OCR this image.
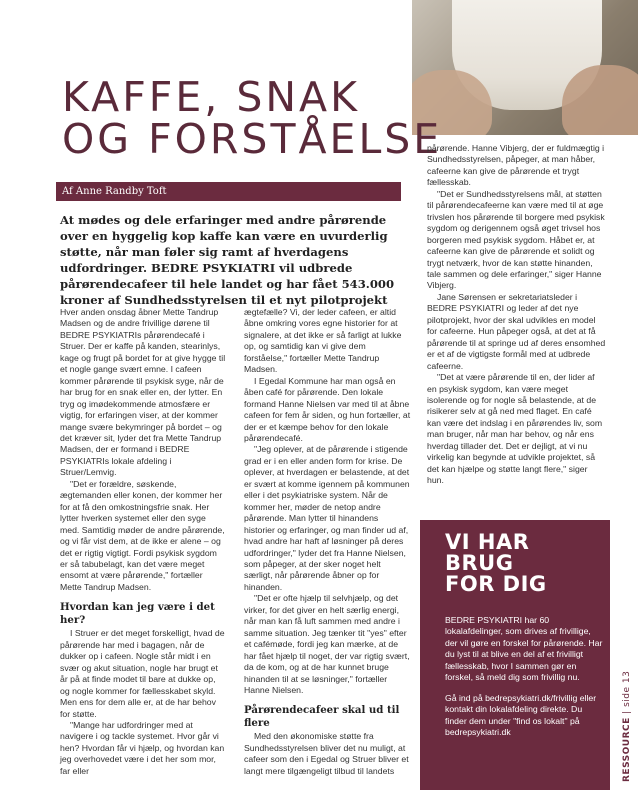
KAFFE, SNAK
OG FORSTÅELSE
Af Anne Randby Toft
At mødes og dele erfaringer med andre pårørende over en hyggelig kop kaffe kan være en uvurderlig støtte, når man føler sig ramt af hverdagens udfordringer. BEDRE PSYKIATRI vil udbrede pårørendecafeer til hele landet og har fået 543.000 kroner af Sundhedsstyrelsen til et nyt pilotprojekt

Hver anden onsdag åbner Mette Tandrup Madsen og de andre frivillige dørene til BEDRE PSYKIATRIs pårørendecafé i Struer. Der er kaffe på kanden, stearinlys, kage og frugt på bordet for at give hygge til et nogle gange svært emne. I cafeen kommer pårørende til psykisk syge, når de har brug for en snak eller en, der lytter. En tryg og imødekommende atmosfære er vigtig, for erfaringen viser, at der kommer mange svære bekymringer på bordet – og det kræver sit, lyder det fra Mette Tandrup Madsen, der er formand i BEDRE PSYKIATRIs lokale afdeling i Struer/Lemvig.

"Det er forældre, søskende, ægtemanden eller konen, der kommer her for at få den omkostningsfrie snak. Her lytter hverken systemet eller den syge med. Samtidig møder de andre pårørende, og vi får vist dem, at de ikke er alene – og det er rigtig vigtigt. Fordi psykisk sygdom er så tabubelagt, kan det være meget ensomt at være pårørende," fortæller Mette Tandrup Madsen.

Hvordan kan jeg være i det her?

I Struer er det meget forskelligt, hvad de pårørende har med i bagagen, når de dukker op i cafeen. Nogle står midt i en svær og akut situation, nogle har brugt et år på at finde modet til bare at dukke op, og nogle kommer for fællesskabet skyld. Men ens for dem alle er, at de har behov for støtte.

"Mange har udfordringer med at navigere i og tackle systemet. Hvor går vi hen? Hvordan får vi hjælp, og hvordan kan jeg overhovedet være i det her som mor, far eller

ægtefælle? Vi, der leder cafeen, er altid åbne omkring vores egne historier for at signalere, at det ikke er så farligt at lukke op, og samtidig kan vi give dem forståelse," fortæller Mette Tandrup Madsen.

I Egedal Kommune har man også en åben café for pårørende. Den lokale formand Hanne Nielsen var med til at åbne cafeen for fem år siden, og hun fortæller, at der er et kæmpe behov for den lokale pårørendecafé.

"Jeg oplever, at de pårørende i stigende grad er i en eller anden form for krise. De oplever, at hverdagen er belastende, at det er svært at komme igennem på kommunen eller i det psykiatriske system. Når de kommer her, møder de netop andre pårørende. Man lytter til hinandens historier og erfaringer, og man finder ud af, hvad andre har haft af løsninger på deres udfordringer," lyder det fra Hanne Nielsen, som påpeger, at der sker noget helt særligt, når pårørende åbner op for hinanden.

"Det er ofte hjælp til selvhjælp, og det virker, for det giver en helt særlig energi, når man kan få luft sammen med andre i samme situation. Jeg tænker tit "yes" efter et cafémøde, fordi jeg kan mærke, at de har fået hjælp til noget, der var rigtig svært, da de kom, og at de har kunnet bruge hinanden til at se løsninger," fortæller Hanne Nielsen.

Pårørendecafeer skal ud til flere

Med den økonomiske støtte fra Sundhedsstyrelsen bliver det nu muligt, at cafeer som den i Egedal og Struer bliver et langt mere tilgængeligt tilbud til landets

pårørende. Hanne Vibjerg, der er fuldmægtig i Sundhedsstyrelsen, påpeger, at man håber, cafeerne kan give de pårørende et trygt fællesskab.

"Det er Sundhedsstyrelsens mål, at støtten til pårørendecafeerne kan være med til at øge trivslen hos pårørende til borgere med psykisk sygdom og derigennem også øget trivsel hos borgeren med psykisk sygdom. Håbet er, at cafeerne kan give de pårørende et solidt og trygt netværk, hvor de kan støtte hinanden, tale sammen og dele erfaringer," siger Hanne Vibjerg.

Jane Sørensen er sekretariatsleder i BEDRE PSYKIATRI og leder af det nye pilotprojekt, hvor der skal udvikles en model for cafeerne. Hun påpeger også, at det at få pårørende til at springe ud af deres ensomhed er et af de vigtigste formål med at udbrede cafeerne.

"Det at være pårørende til en, der lider af en psykisk sygdom, kan være meget isolerende og for nogle så belastende, at de risikerer selv at gå ned med flaget. En café kan være det indslag i en pårørendes liv, som man bruger, når man har behov, og når ens hverdag tillader det. Det er dejligt, at vi nu virkelig kan begynde at udvikle projektet, så det kan hjælpe og støtte langt flere," siger hun.

VI HAR
BRUG
FOR DIG

BEDRE PSYKIATRI har 60 lokalafdelinger, som drives af frivillige, der vil gøre en forskel for pårørende. Har du lyst til at blive en del af et frivilligt fællesskab, hvor I sammen gør en forskel, så meld dig som frivillig nu.

Gå ind på bedrepsykiatri.dk/frivillig eller kontakt din lokalafdeling direkte. Du finder dem under "find os lokalt" på bedrepsykiatri.dk	RESSOURCE | side 13
